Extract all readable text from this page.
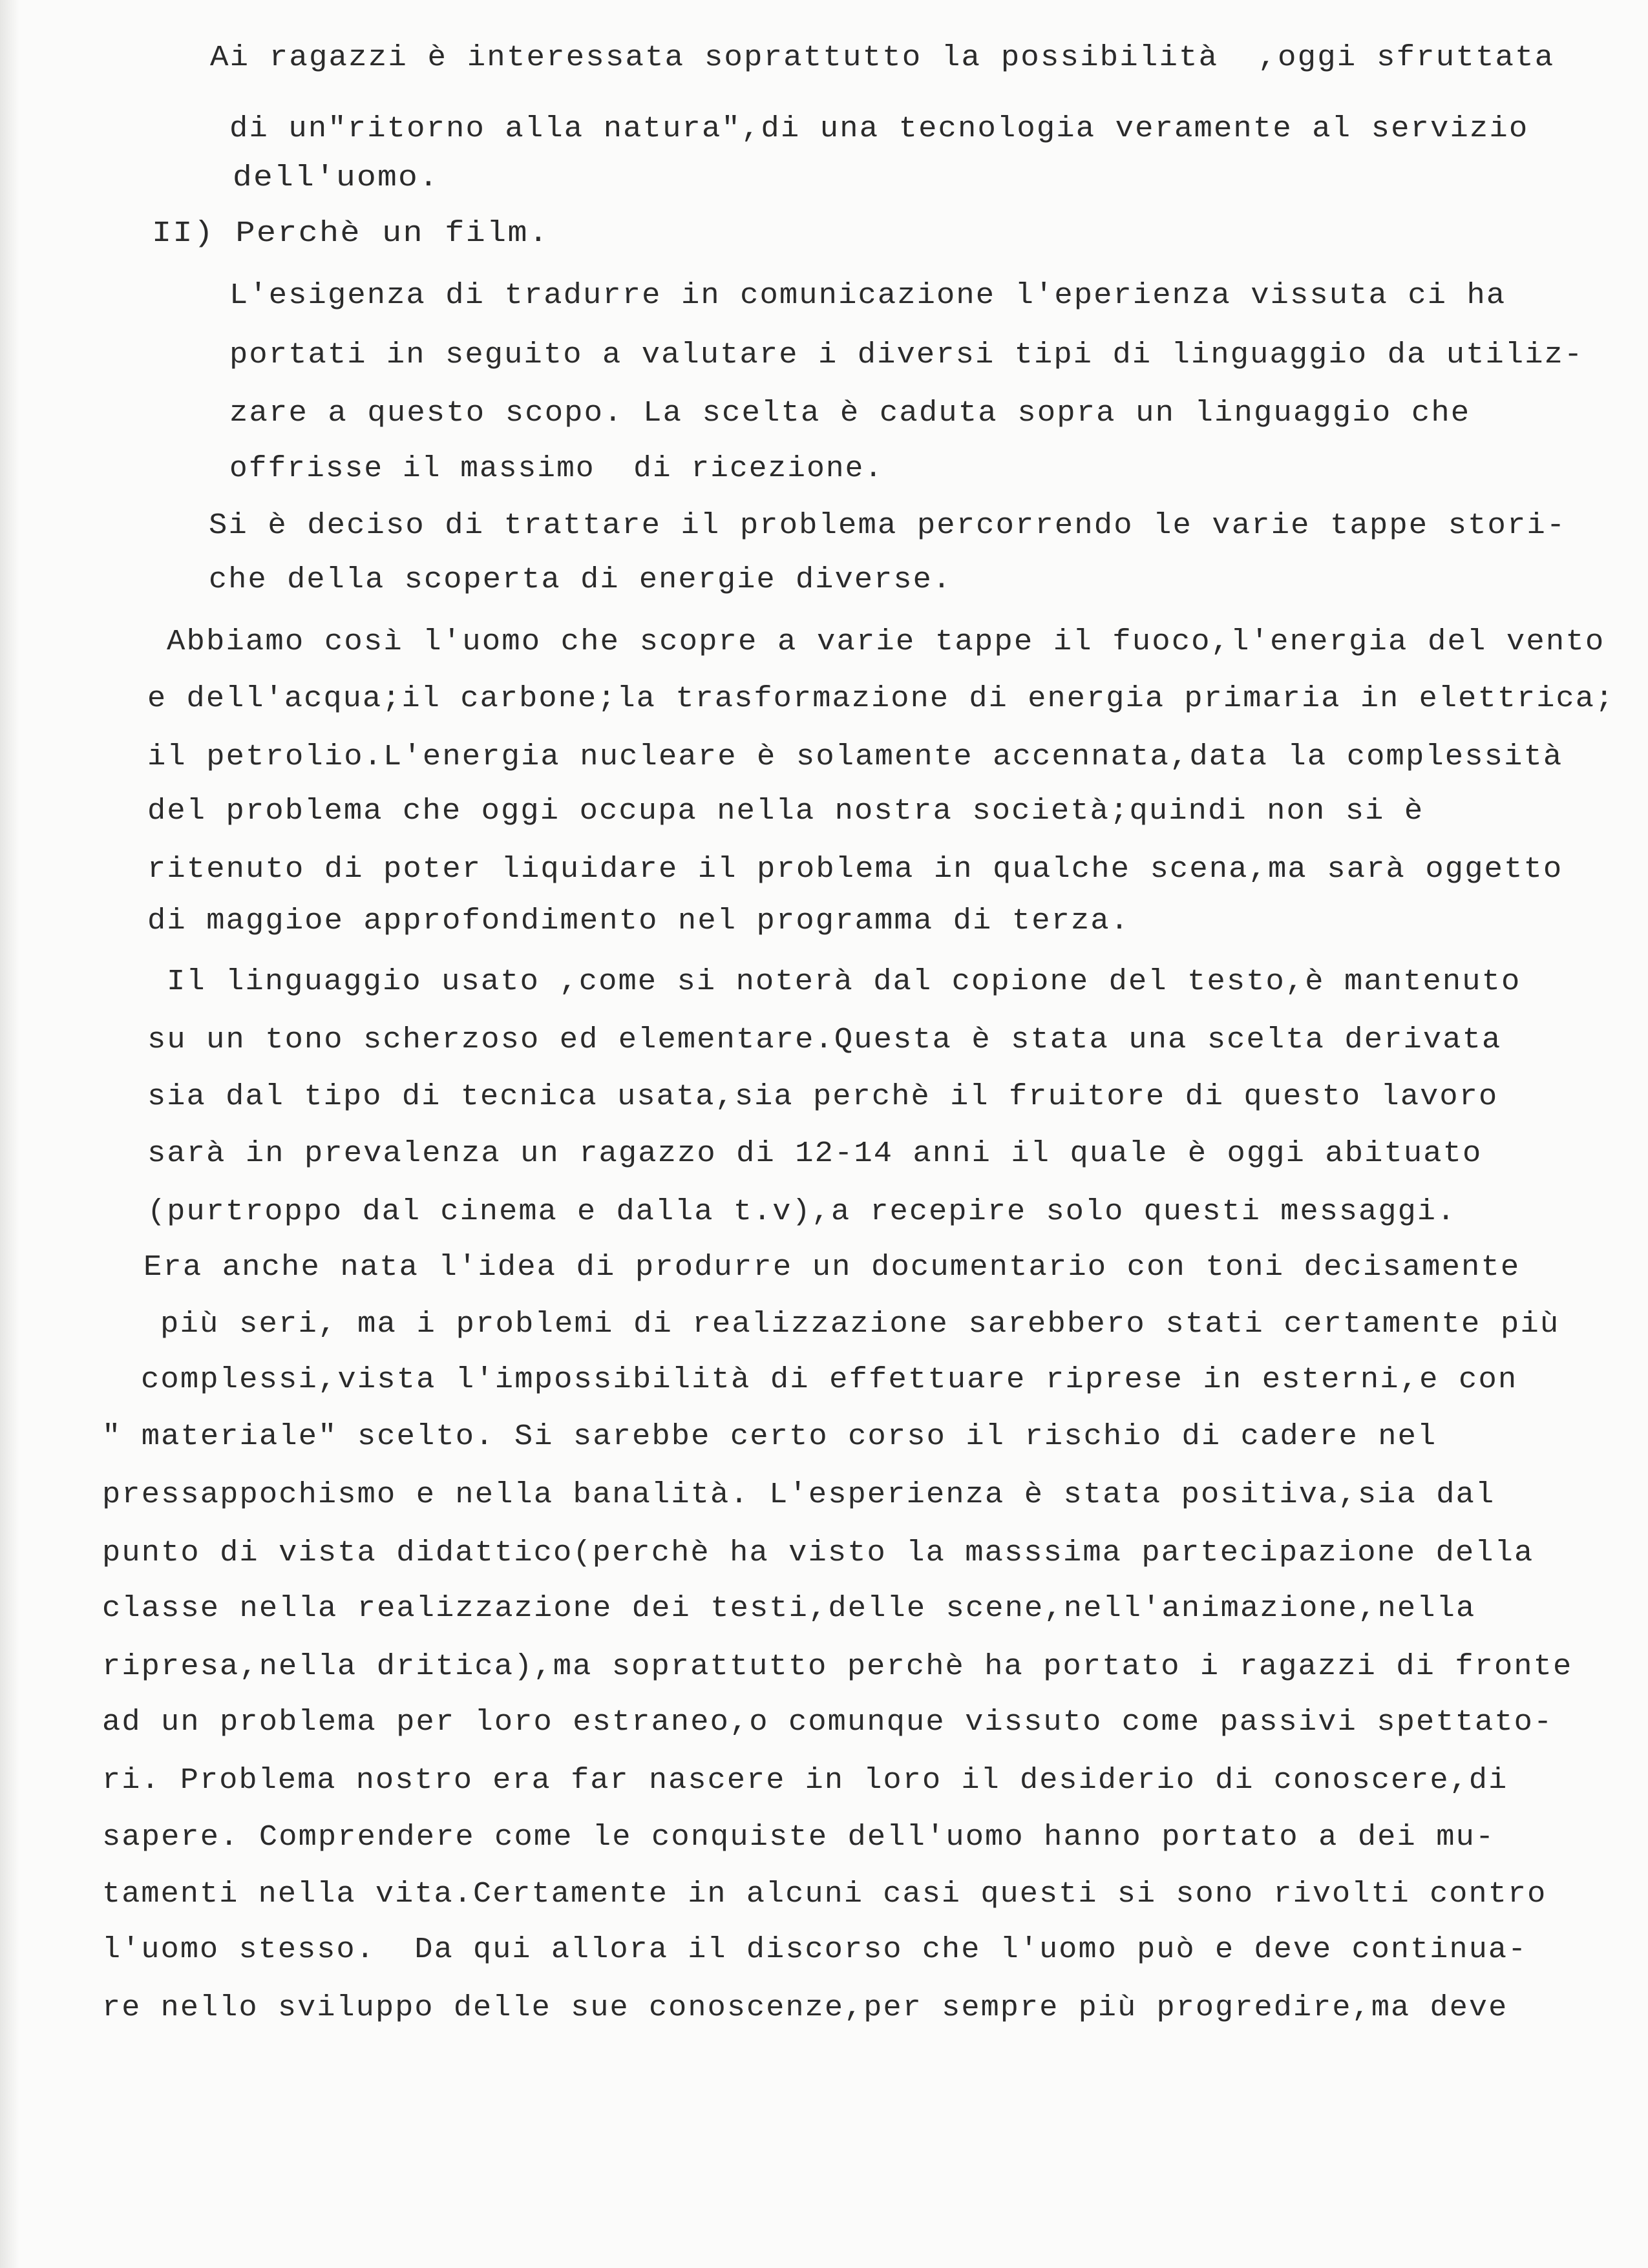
Ai ragazzi è interessata soprattutto la possibilità  ,oggi sfruttata
di un"ritorno alla natura",di una tecnologia veramente al servizio
dell'uomo.
II) Perchè un film.
L'esigenza di tradurre in comunicazione l'eperienza vissuta ci ha
portati in seguito a valutare i diversi tipi di linguaggio da utiliz-
zare a questo scopo. La scelta è caduta sopra un linguaggio che
offrisse il massimo  di ricezione.
Si è deciso di trattare il problema percorrendo le varie tappe stori-
che della scoperta di energie diverse.
Abbiamo così l'uomo che scopre a varie tappe il fuoco,l'energia del vento
e dell'acqua;il carbone;la trasformazione di energia primaria in elettrica;
il petrolio.L'energia nucleare è solamente accennata,data la complessità
del problema che oggi occupa nella nostra società;quindi non si è
ritenuto di poter liquidare il problema in qualche scena,ma sarà oggetto
di maggioe approfondimento nel programma di terza.
Il linguaggio usato ,come si noterà dal copione del testo,è mantenuto
su un tono scherzoso ed elementare.Questa è stata una scelta derivata
sia dal tipo di tecnica usata,sia perchè il fruitore di questo lavoro
sarà in prevalenza un ragazzo di 12-14 anni il quale è oggi abituato
(purtroppo dal cinema e dalla t.v),a recepire solo questi messaggi.
Era anche nata l'idea di produrre un documentario con toni decisamente
più seri, ma i problemi di realizzazione sarebbero stati certamente più
complessi,vista l'impossibilità di effettuare riprese in esterni,e con
" materiale" scelto. Si sarebbe certo corso il rischio di cadere nel
pressappochismo e nella banalità. L'esperienza è stata positiva,sia dal
punto di vista didattico(perchè ha visto la masssima partecipazione della
classe nella realizzazione dei testi,delle scene,nell'animazione,nella
ripresa,nella dritica),ma soprattutto perchè ha portato i ragazzi di fronte
ad un problema per loro estraneo,o comunque vissuto come passivi spettato-
ri. Problema nostro era far nascere in loro il desiderio di conoscere,di
sapere. Comprendere come le conquiste dell'uomo hanno portato a dei mu-
tamenti nella vita.Certamente in alcuni casi questi si sono rivolti contro
l'uomo stesso.  Da qui allora il discorso che l'uomo può e deve continua-
re nello sviluppo delle sue conoscenze,per sempre più progredire,ma deve
